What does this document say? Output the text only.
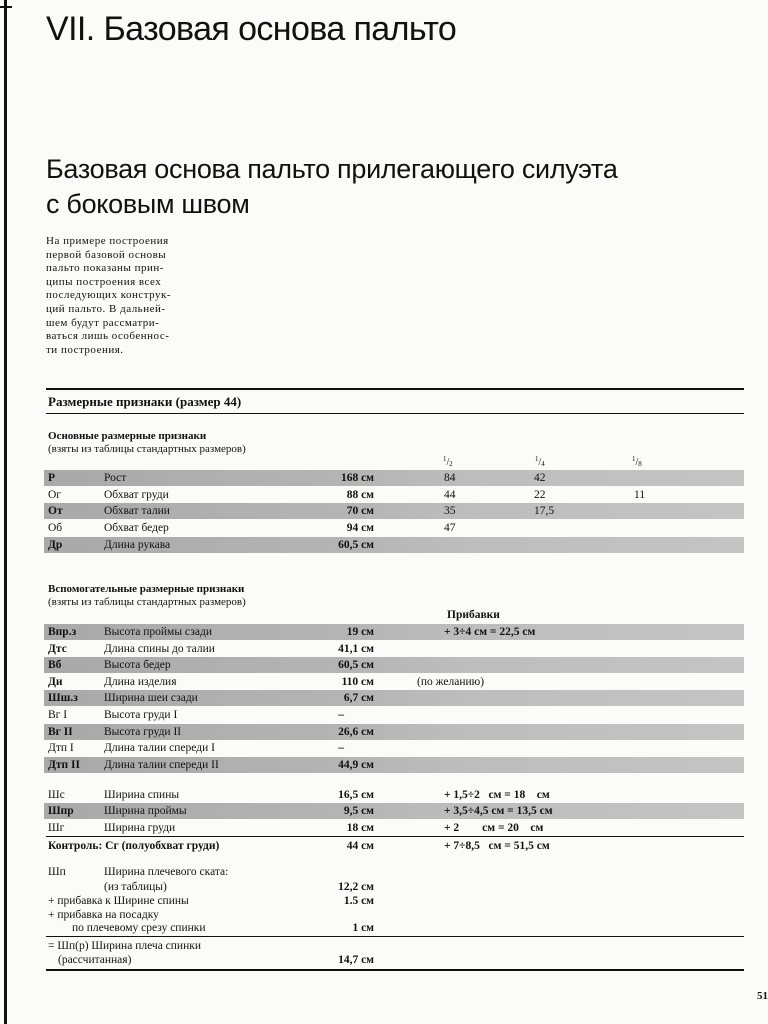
VII. Базовая основа пальто
Базовая основа пальто прилегающего силуэта
с боковым швом
На примере построения
первой базовой основы
пальто показаны прин-
ципы построения всех
последующих конструк-
ций пальто. В дальней-
шем будут рассматри-
ваться лишь особеннос-
ти построения.
Размерные признаки (размер 44)
Основные размерные признаки
(взяты из таблицы стандартных размеров)
$^1/_2$
$^1/_4$
$^1/_8$
Р	Рост	168 см	84	42
Ог	Обхват груди	88 см	44	22	11
От	Обхват талии	70 см	35	17,5
Об	Обхват бедер	94 см	47
Др	Длина рукава	60,5 см
Вспомогательные размерные признаки
(взяты из таблицы стандартных размеров)
Прибавки
Впр.з Высота проймы сзади	19 см	+ 3÷4 см = 22,5 см
Дтс	Длина спины до талии	41,1 см
Вб	Высота бедер	60,5 см
Ди	Длина изделия	110 см	(по желанию)
Шш.з Ширина шеи сзади	6,7 см
Вг I	Высота груди I	–
Вг II	Высота груди II	26,6 см
Дтп I	Длина талии спереди I	–
Дтп II Длина талии спереди II	44,9 см
Шс	Ширина спины	16,5 см	+ 1,5÷2   см = 18    см
Шпр	Ширина проймы	9,5 см	+ 3,5÷4,5 см = 13,5 см
Шг	Ширина груди	18 см	+ 2        см = 20    см
Контроль: Сг (полуобхват груди)	44 см	+ 7÷8,5   см = 51,5 см
Шп	Ширина плечевого ската:
(из таблицы)	12,2 см
+ прибавка к Ширине спины	1.5 см
+ прибавка на посадку
по плечевому срезу спинки	1 см
= Шп(р) Ширина плеча спинки
(рассчитанная)	14,7 см
51
